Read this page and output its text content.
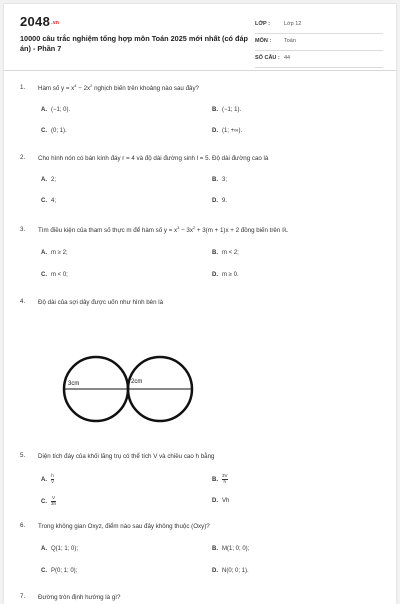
2048.vn
10000 câu trắc nghiệm tổng hợp môn Toán 2025 mới nhất (có đáp án) - Phần 7
LỚP :	Lớp 12
MÔN : Toán
SỐ CÂU : 44
1. Hàm số $y = x^4 - 2x^2$ nghịch biến trên khoảng nào sau đây?
A. (−1; 0).	B. (−1; 1).
C. (0; 1).	D. (1; +∞).
2. Cho hình nón có bán kính đáy r = 4 và độ dài đường sinh l = 5. Độ dài đường cao là
A. 2;	B. 3;
C. 4;	D. 9.
3. Tìm điều kiện của tham số thực m để hàm số $y = x^3 - 3x^2 + 3(m + 1)x + 2$ đồng biến trên ℝ.
A. m ≥ 2;	B. m < 2;
C. m < 0;	D. m ≥ 0.
4. Độ dài của sợi dây được uốn như hình bên là
3cm	2cm
5. Diện tích đáy của khối lăng trụ có thể tích V và chiều cao h bằng
A. $\frac{h}{V}$	B. $\frac{3V}{h}$
C. $\frac{V}{3h}$	D. Vh
6. Trong không gian Oxyz, điểm nào sau đây không thuộc (Oxy)?
A. Q(1; 1; 0);	B. M(1; 0; 0);
C. P(0; 1; 0);	D. N(0; 0; 1).
7. Đường tròn định hướng là gì?
